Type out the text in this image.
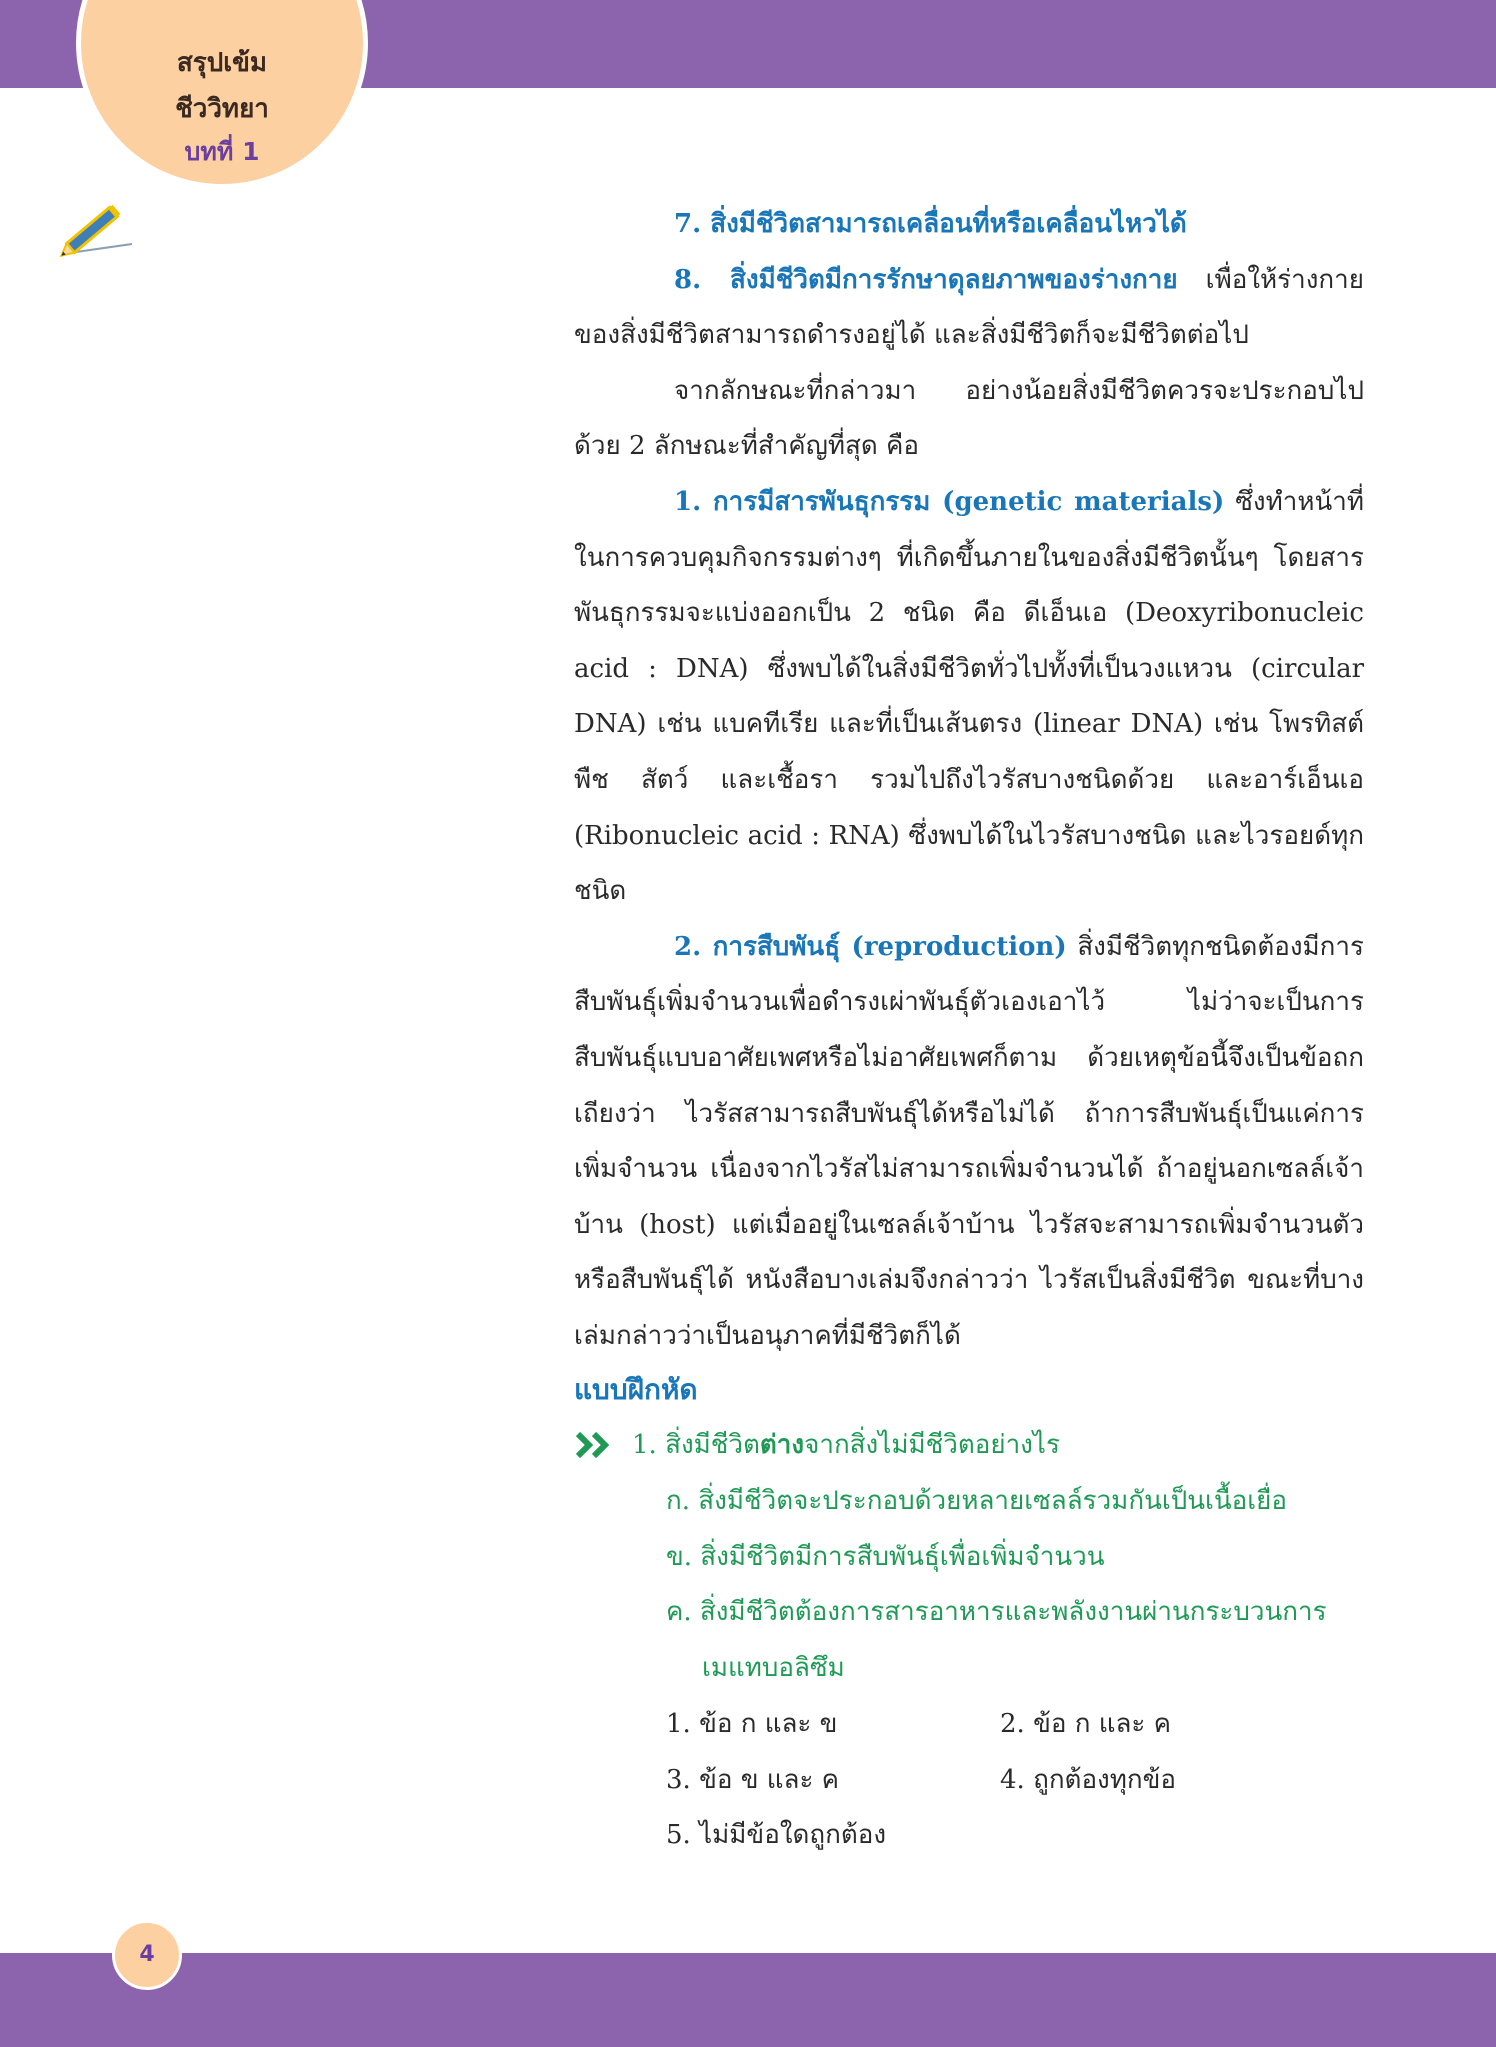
สรุปเข้ม
ชีววิทยา
บทที่ 1

7. สิ่งมีชีวิตสามารถเคลื่อนที่หรือเคลื่อนไหวได้

8. สิ่งมีชีวิตมีการรักษาดุลยภาพของร่างกาย เพื่อให้ร่างกายของสิ่งมีชีวิตสามารถดำรงอยู่ได้ และสิ่งมีชีวิตก็จะมีชีวิตต่อไป

จากลักษณะที่กล่าวมา อย่างน้อยสิ่งมีชีวิตควรจะประกอบไปด้วย 2 ลักษณะที่สำคัญที่สุด คือ

1. การมีสารพันธุกรรม (genetic materials) ซึ่งทำหน้าที่ในการควบคุมกิจกรรมต่างๆ ที่เกิดขึ้นภายในของสิ่งมีชีวิตนั้นๆ โดยสารพันธุกรรมจะแบ่งออกเป็น 2 ชนิด คือ ดีเอ็นเอ (Deoxyribonucleic acid : DNA) ซึ่งพบได้ในสิ่งมีชีวิตทั่วไปทั้งที่เป็นวงแหวน (circular DNA) เช่น แบคทีเรีย และที่เป็นเส้นตรง (linear DNA) เช่น โพรทิสต์ พืช สัตว์ และเชื้อรา รวมไปถึงไวรัสบางชนิดด้วย และอาร์เอ็นเอ (Ribonucleic acid : RNA) ซึ่งพบได้ในไวรัสบางชนิด และไวรอยด์ทุกชนิด

2. การสืบพันธุ์ (reproduction) สิ่งมีชีวิตทุกชนิดต้องมีการสืบพันธุ์เพิ่มจำนวนเพื่อดำรงเผ่าพันธุ์ตัวเองเอาไว้ ไม่ว่าจะเป็นการสืบพันธุ์แบบอาศัยเพศหรือไม่อาศัยเพศก็ตาม ด้วยเหตุข้อนี้จึงเป็นข้อถกเถียงว่า ไวรัสสามารถสืบพันธุ์ได้หรือไม่ได้ ถ้าการสืบพันธุ์เป็นแค่การเพิ่มจำนวน เนื่องจากไวรัสไม่สามารถเพิ่มจำนวนได้ ถ้าอยู่นอกเซลล์เจ้าบ้าน (host) แต่เมื่ออยู่ในเซลล์เจ้าบ้าน ไวรัสจะสามารถเพิ่มจำนวนตัวหรือสืบพันธุ์ได้ หนังสือบางเล่มจึงกล่าวว่า ไวรัสเป็นสิ่งมีชีวิต ขณะที่บางเล่มกล่าวว่าเป็นอนุภาคที่มีชีวิตก็ได้

แบบฝึกหัด
1. สิ่งมีชีวิตต่างจากสิ่งไม่มีชีวิตอย่างไร

ก. สิ่งมีชีวิตจะประกอบด้วยหลายเซลล์รวมกันเป็นเนื้อเยื่อ

ข. สิ่งมีชีวิตมีการสืบพันธุ์เพื่อเพิ่มจำนวน

ค. สิ่งมีชีวิตต้องการสารอาหารและพลังงานผ่านกระบวนการ

เมแทบอลิซึม

1. ข้อ ก และ ข	2. ข้อ ก และ ค
3. ข้อ ข และ ค	4. ถูกต้องทุกข้อ
5. ไม่มีข้อใดถูกต้อง
4
